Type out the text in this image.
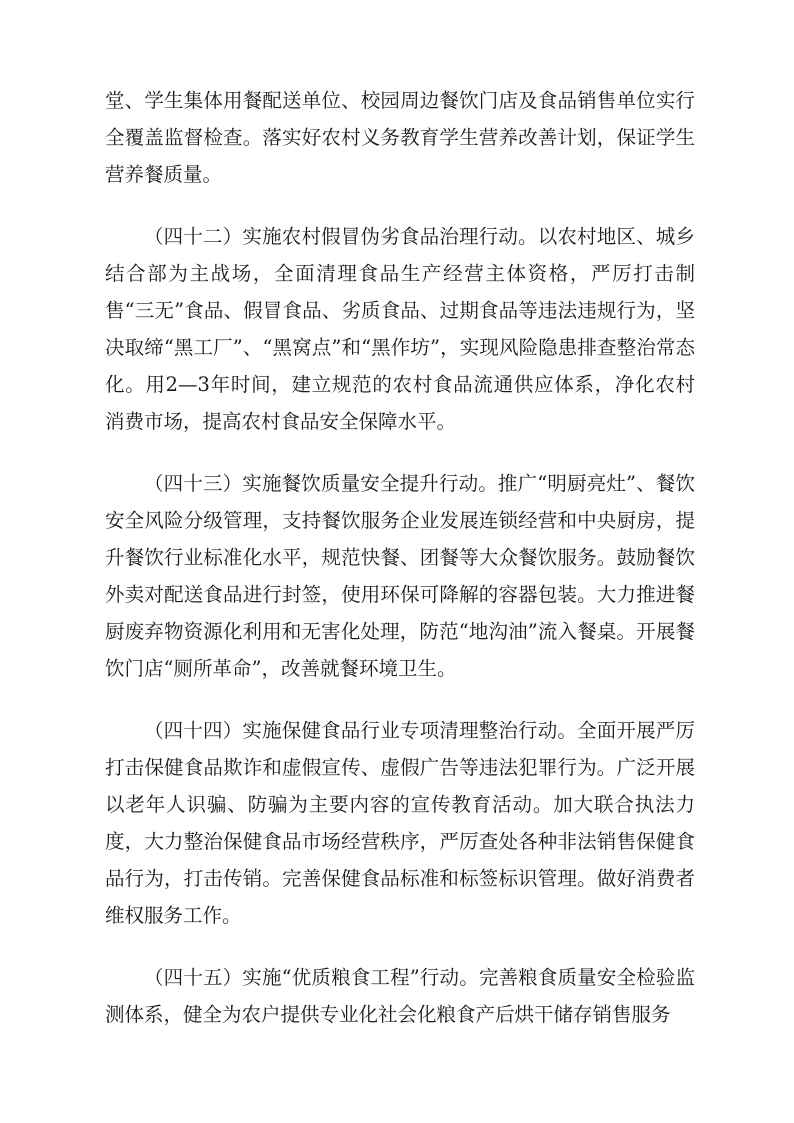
堂、学生集体用餐配送单位、校园周边餐饮门店及食品销售单位实行全覆盖监督检查。落实好农村义务教育学生营养改善计划，保证学生营养餐质量。

（四十二）实施农村假冒伪劣食品治理行动。以农村地区、城乡结合部为主战场，全面清理食品生产经营主体资格，严厉打击制售“三无”食品、假冒食品、劣质食品、过期食品等违法违规行为，坚决取缔“黑工厂”、“黑窝点”和“黑作坊”，实现风险隐患排查整治常态化。用2—3年时间，建立规范的农村食品流通供应体系，净化农村消费市场，提高农村食品安全保障水平。

（四十三）实施餐饮质量安全提升行动。推广“明厨亮灶”、餐饮安全风险分级管理，支持餐饮服务企业发展连锁经营和中央厨房，提升餐饮行业标准化水平，规范快餐、团餐等大众餐饮服务。鼓励餐饮外卖对配送食品进行封签，使用环保可降解的容器包装。大力推进餐厨废弃物资源化利用和无害化处理，防范“地沟油”流入餐桌。开展餐饮门店“厕所革命”，改善就餐环境卫生。

（四十四）实施保健食品行业专项清理整治行动。全面开展严厉打击保健食品欺诈和虚假宣传、虚假广告等违法犯罪行为。广泛开展以老年人识骗、防骗为主要内容的宣传教育活动。加大联合执法力度，大力整治保健食品市场经营秩序，严厉查处各种非法销售保健食品行为，打击传销。完善保健食品标准和标签标识管理。做好消费者维权服务工作。

（四十五）实施“优质粮食工程”行动。完善粮食质量安全检验监测体系，健全为农户提供专业化社会化粮食产后烘干储存销售服务
